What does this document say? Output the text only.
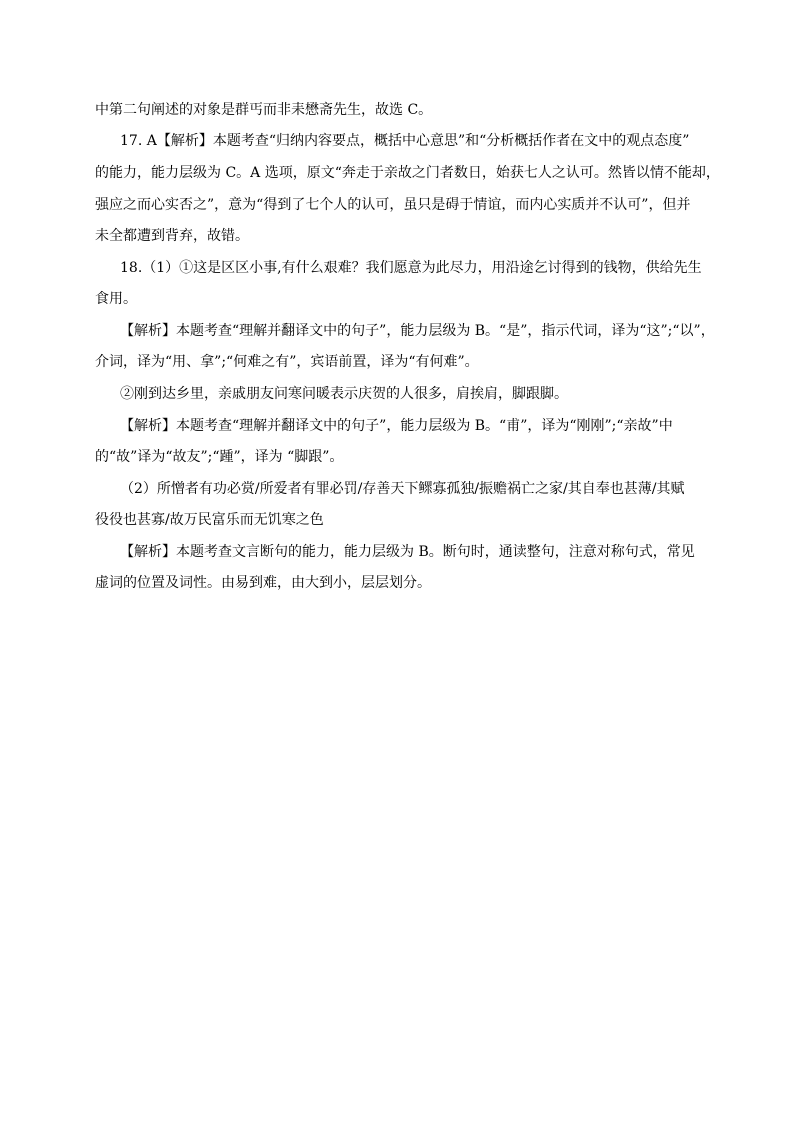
中第二句阐述的对象是群丐而非耒懋斋先生，故选 C。
17. A【解析】本题考查“归纳内容要点，概括中心意思”和“分析概括作者在文中的观点态度”
的能力，能力层级为 C。A 选项，原文“奔走于亲故之门者数日，始获七人之认可。然皆以情不能却，
强应之而心实否之”，意为“得到了七个人的认可，虽只是碍于情谊，而内心实质并不认可”，但并
未全都遭到背弃，故错。
18.（1）①这是区区小事,有什么艰难？我们愿意为此尽力，用沿途乞讨得到的钱物，供给先生
食用。
【解析】本题考查“理解并翻译文中的句子”，能力层级为 B。“是”，指示代词，译为“这”;“以”，
介词，译为“用、拿”;“何难之有”，宾语前置，译为“有何难”。
②刚到达乡里，亲戚朋友问寒问暖表示庆贺的人很多，肩挨肩，脚跟脚。
【解析】本题考查“理解并翻译文中的句子”，能力层级为 B。“甫”，译为“刚刚”;“亲故”中
的“故”译为“故友”;“踵”，译为 “脚跟”。
（2）所憎者有功必赏/所爱者有罪必罚/存善天下鳏寡孤独/振赡祸亡之家/其自奉也甚薄/其赋
役役也甚寡/故万民富乐而无饥寒之色
【解析】本题考查文言断句的能力，能力层级为 B。断句时，通读整句，注意对称句式，常见
虚词的位置及词性。由易到难，由大到小，层层划分。
